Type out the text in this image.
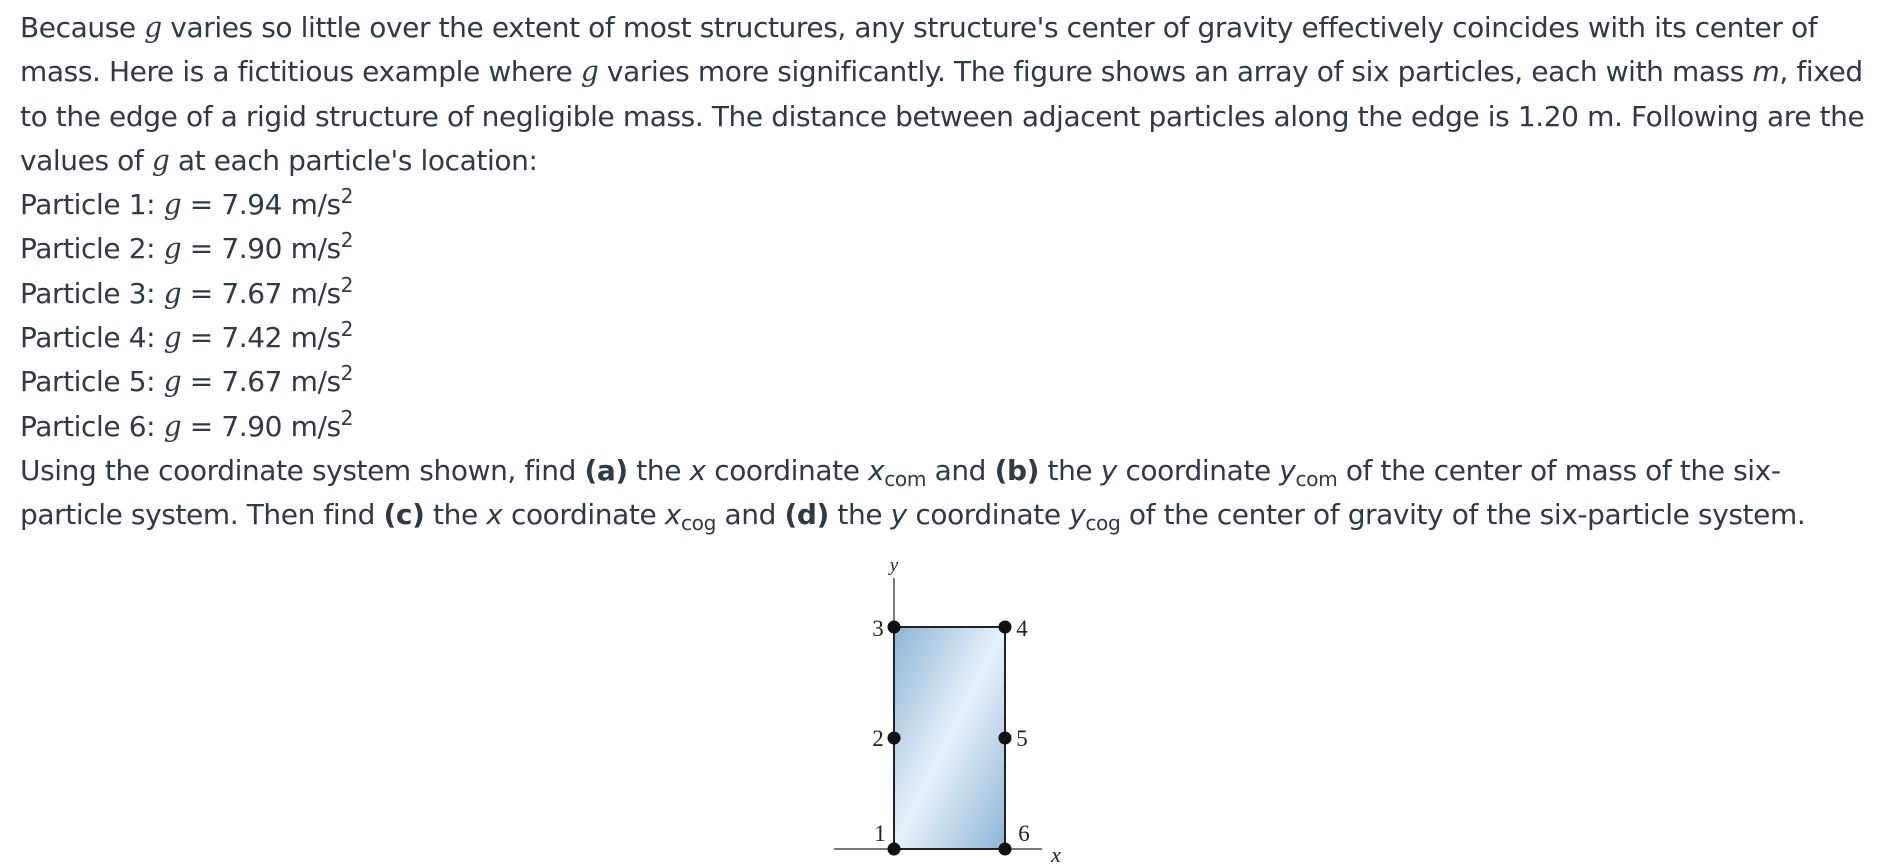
Because g varies so little over the extent of most structures, any structure's center of gravity effectively coincides with its center of mass. Here is a fictitious example where g varies more significantly. The figure shows an array of six particles, each with mass m, fixed to the edge of a rigid structure of negligible mass. The distance between adjacent particles along the edge is 1.20 m. Following are the values of g at each particle's location:

Particle 1: g = 7.94 $m/s^2$

Particle 2: g = 7.90 $m/s^2$

Particle 3: g = 7.67 $m/s^2$

Particle 4: g = 7.42 $m/s^2$

Particle 5: g = 7.67 $m/s^2$

Particle 6: g = 7.90 $m/s^2$

Using the coordinate system shown, find (a) the x coordinate $x_{com}$ and (b) the y coordinate $y_{com}$ of the center of mass of the six-particle system. Then find (c) the x coordinate $x_{cog}$ and (d) the y coordinate $y_{cog}$ of the center of gravity of the six-particle system.

y
x
1
2
3	4
5
6
